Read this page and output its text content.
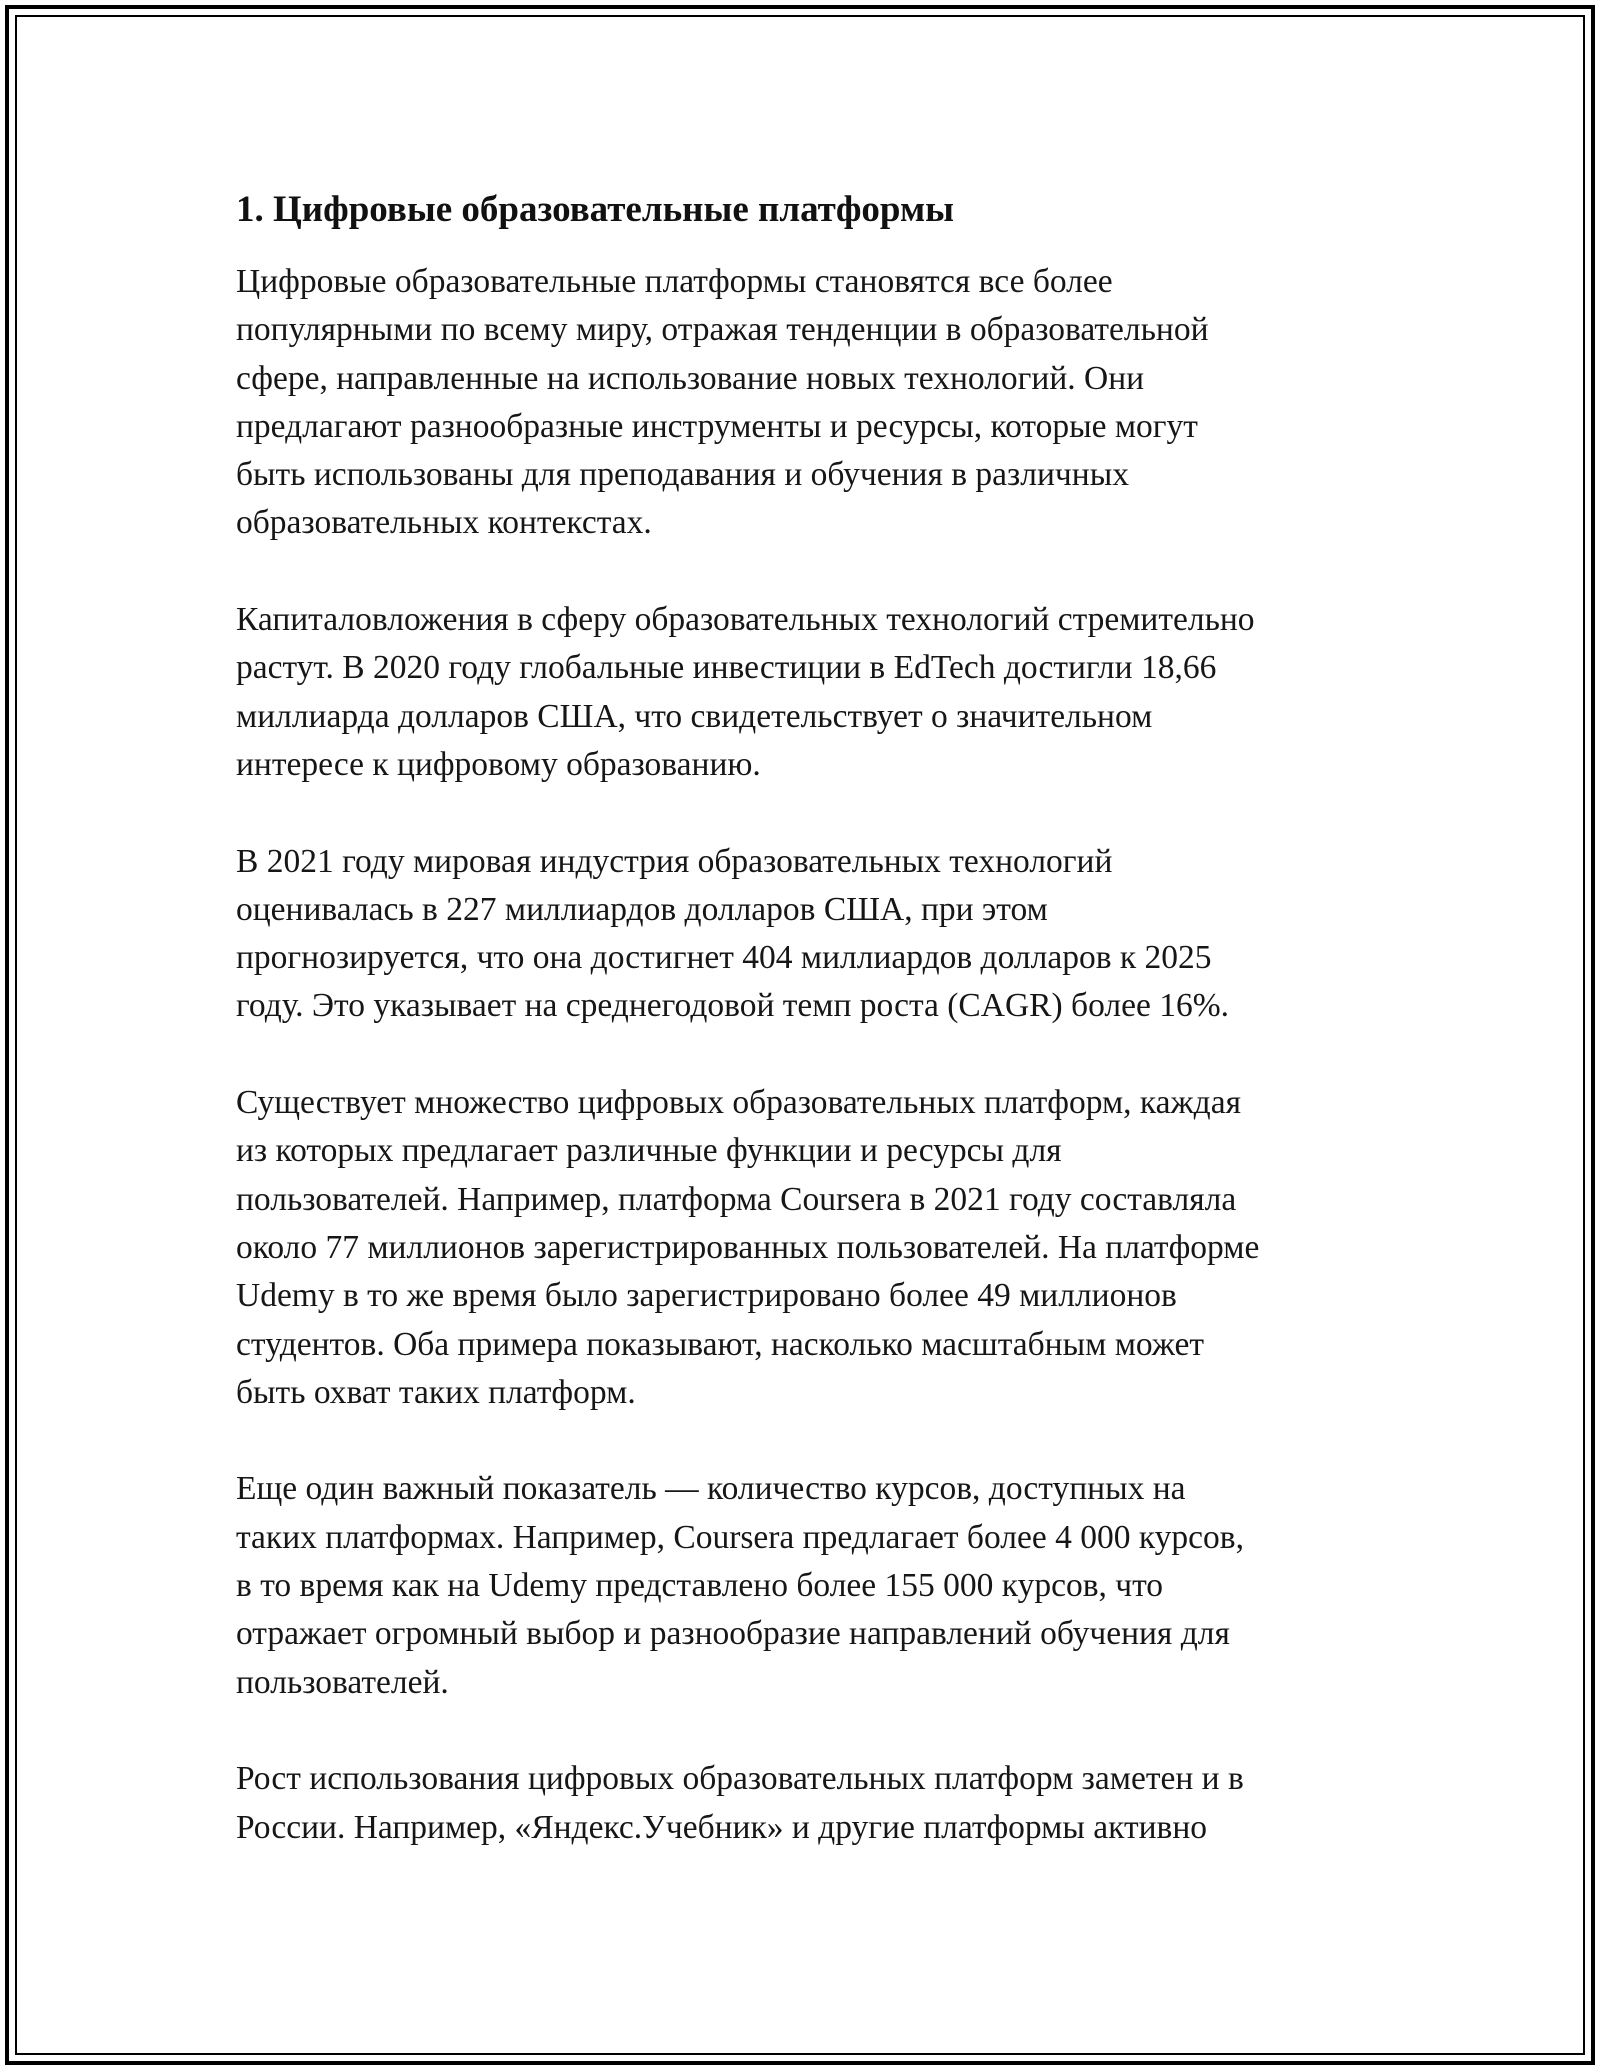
1. Цифровые образовательные платформы

Цифровые образовательные платформы становятся все более
популярными по всему миру, отражая тенденции в образовательной
сфере, направленные на использование новых технологий. Они
предлагают разнообразные инструменты и ресурсы, которые могут
быть использованы для преподавания и обучения в различных
образовательных контекстах.

Капиталовложения в сферу образовательных технологий стремительно
растут. В 2020 году глобальные инвестиции в EdTech достигли 18,66
миллиарда долларов США, что свидетельствует о значительном
интересе к цифровому образованию.

В 2021 году мировая индустрия образовательных технологий
оценивалась в 227 миллиардов долларов США, при этом
прогнозируется, что она достигнет 404 миллиардов долларов к 2025
году. Это указывает на среднегодовой темп роста (CAGR) более 16%.

Существует множество цифровых образовательных платформ, каждая
из которых предлагает различные функции и ресурсы для
пользователей. Например, платформа Coursera в 2021 году составляла
около 77 миллионов зарегистрированных пользователей. На платформе
Udemy в то же время было зарегистрировано более 49 миллионов
студентов. Оба примера показывают, насколько масштабным может
быть охват таких платформ.

Еще один важный показатель — количество курсов, доступных на
таких платформах. Например, Coursera предлагает более 4 000 курсов,
в то время как на Udemy представлено более 155 000 курсов, что
отражает огромный выбор и разнообразие направлений обучения для
пользователей.

Рост использования цифровых образовательных платформ заметен и в
России. Например, «Яндекс.Учебник» и другие платформы активно
